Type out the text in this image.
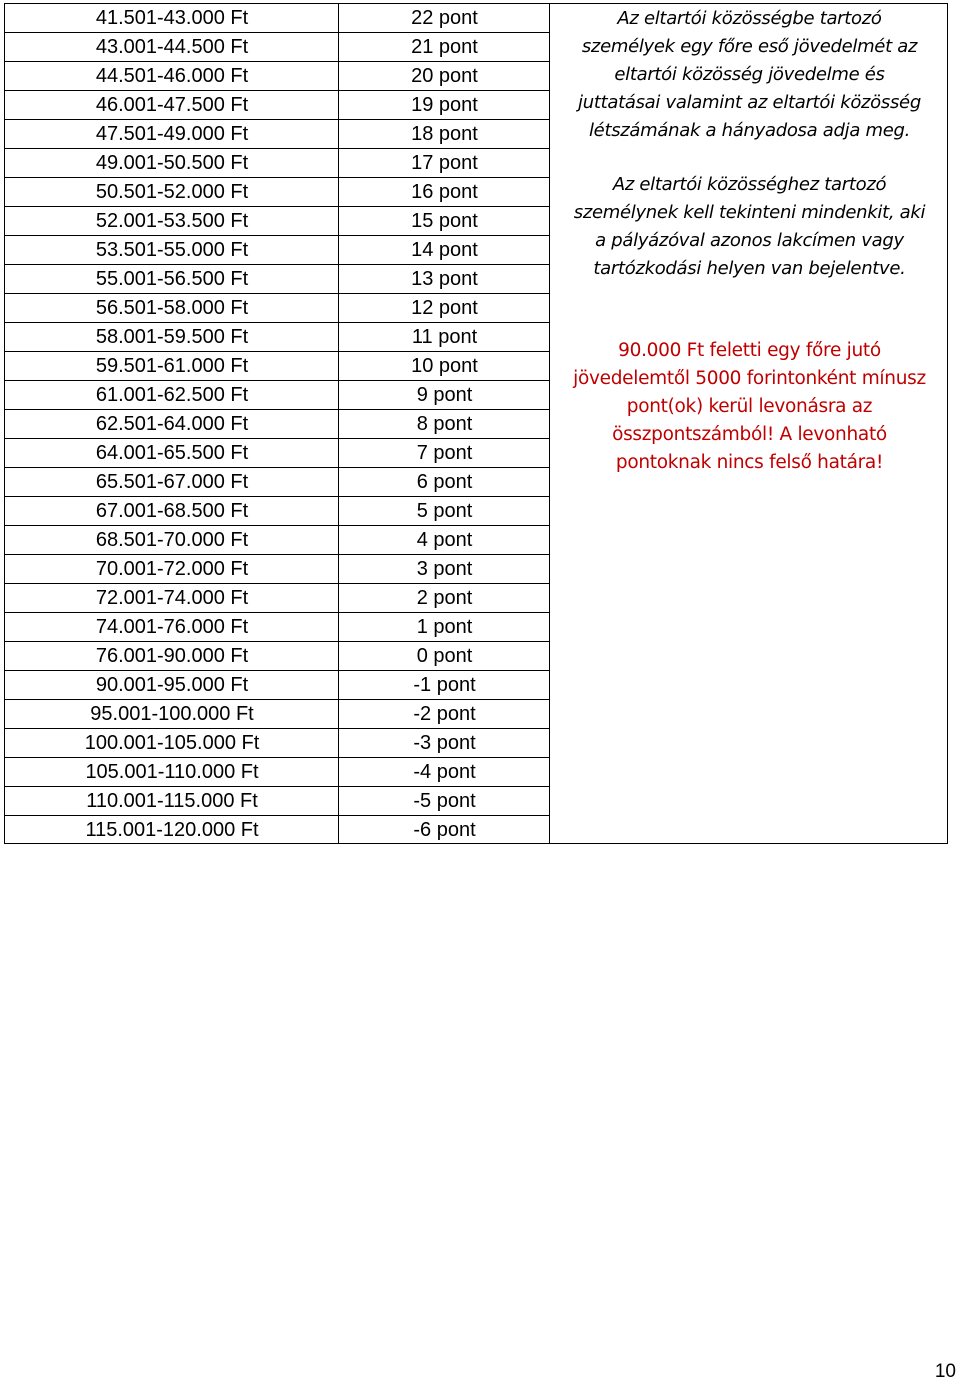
41.501-43.000 Ft
43.001-44.500 Ft
44.501-46.000 Ft
46.001-47.500 Ft
47.501-49.000 Ft
49.001-50.500 Ft
50.501-52.000 Ft
52.001-53.500 Ft
53.501-55.000 Ft
55.001-56.500 Ft
56.501-58.000 Ft
58.001-59.500 Ft
59.501-61.000 Ft
61.001-62.500 Ft
62.501-64.000 Ft
64.001-65.500 Ft
65.501-67.000 Ft
67.001-68.500 Ft
68.501-70.000 Ft
70.001-72.000 Ft
72.001-74.000 Ft
74.001-76.000 Ft
76.001-90.000 Ft
90.001-95.000 Ft
95.001-100.000 Ft
100.001-105.000 Ft
105.001-110.000 Ft
110.001-115.000 Ft
115.001-120.000 Ft
22 pont
21 pont
20 pont
19 pont
18 pont
17 pont
16 pont
15 pont
14 pont
13 pont
12 pont
11 pont
10 pont
9 pont
8 pont
7 pont
6 pont
5 pont
4 pont
3 pont
2 pont
1 pont
0 pont
-1 pont
-2 pont
-3 pont
-4 pont
-5 pont
-6 pont
Az eltartói közösségbe tartozó
személyek egy főre eső jövedelmét az
eltartói közösség jövedelme és
juttatásai valamint az eltartói közösség
létszámának a hányadosa adja meg.
Az eltartói közösséghez tartozó
személynek kell tekinteni mindenkit, aki
a pályázóval azonos lakcímen vagy
tartózkodási helyen van bejelentve.
90.000 Ft feletti egy főre jutó
jövedelemtől 5000 forintonként mínusz
pont(ok) kerül levonásra az
összpontszámból! A levonható
pontoknak nincs felső határa!
10
